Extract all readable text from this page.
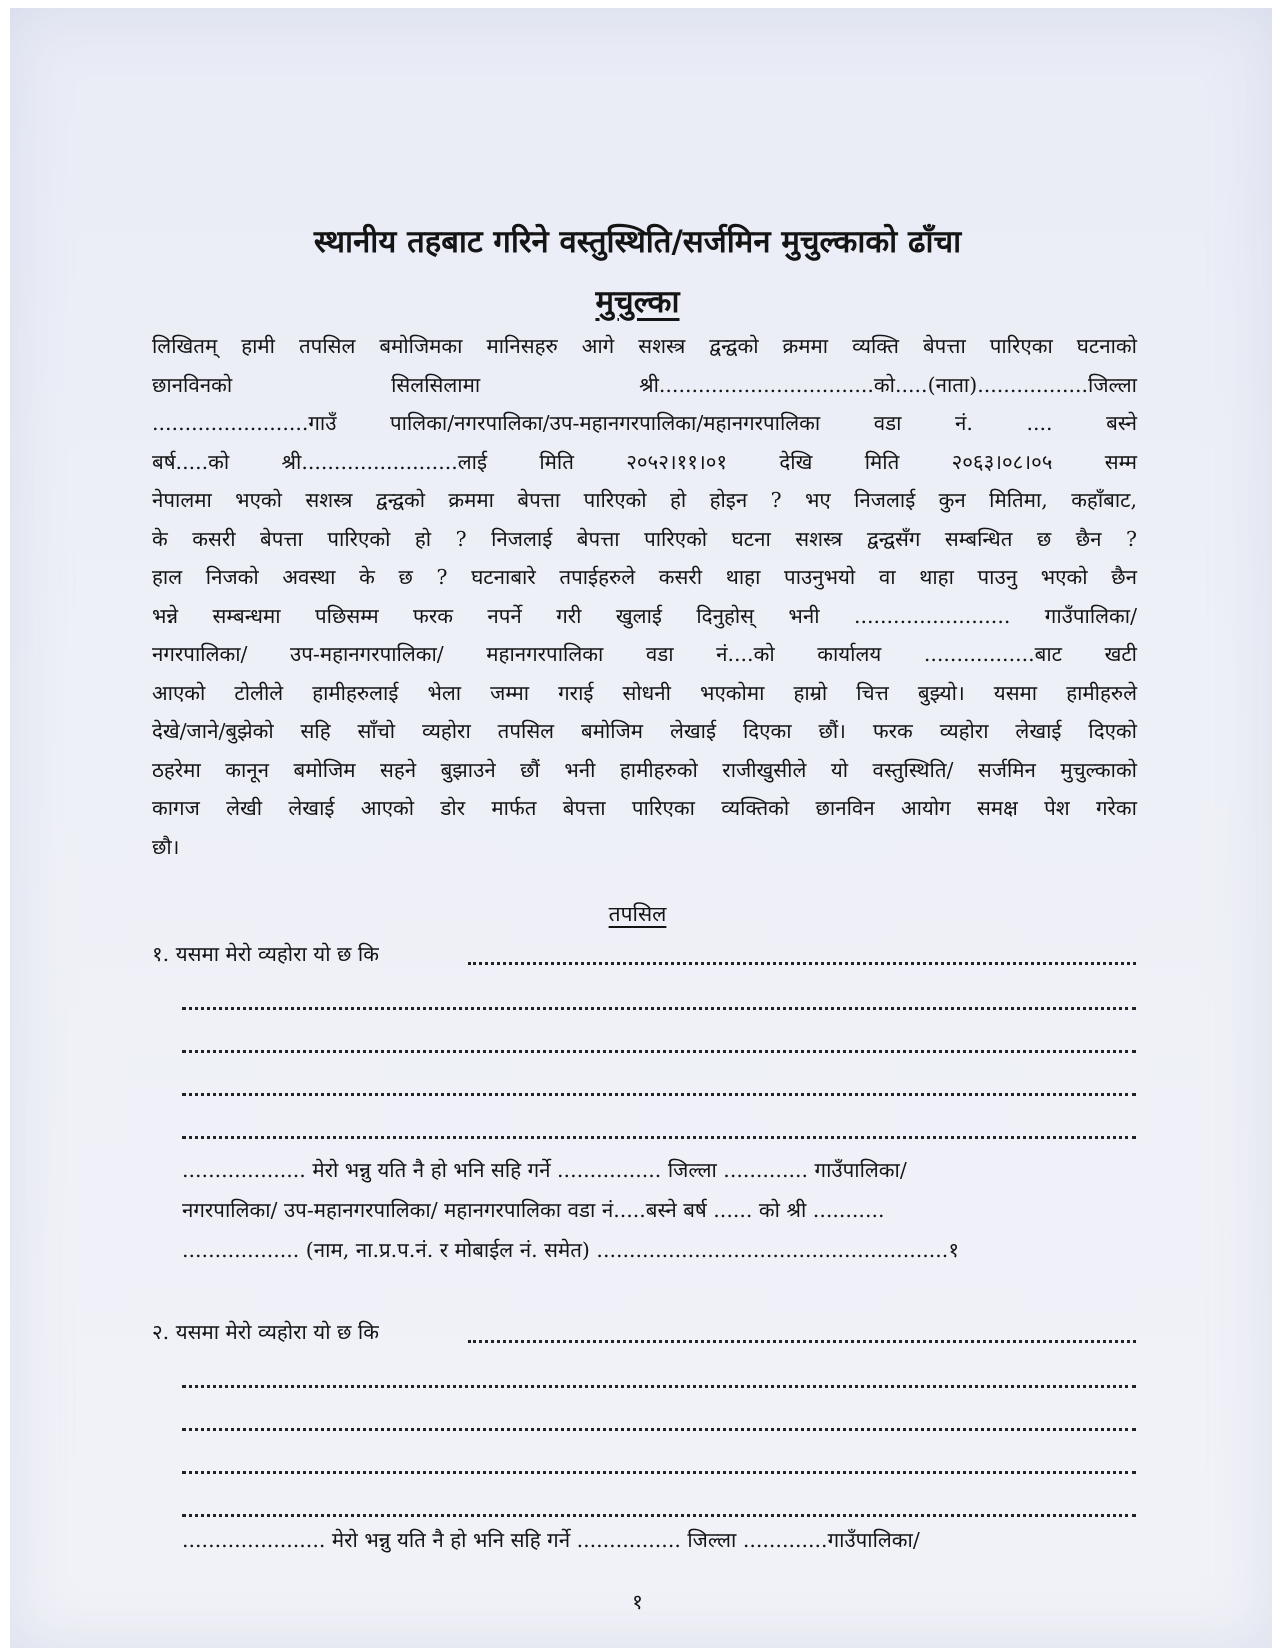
स्थानीय तहबाट गरिने वस्तुस्थिति/सर्जमिन मुचुल्काको ढाँचा
मुचुल्का
लिखितम् हामी तपसिल बमोजिमका मानिसहरु आगे सशस्त्र द्वन्द्वको क्रममा व्यक्ति बेपत्ता पारिएका घटनाको
छानविनको सिलसिलामा श्री.................................को.....(नाता).................जिल्ला
........................गाउँ पालिका/नगरपालिका/उप-महानगरपालिका/महानगरपालिका वडा नं. .... बस्ने
बर्ष.....को श्री........................लाई मिति २०५२।११।०१ देखि मिति २०६३।०८।०५ सम्म
नेपालमा भएको सशस्त्र द्वन्द्वको क्रममा बेपत्ता पारिएको हो होइन ? भए निजलाई कुन मितिमा, कहाँबाट,
के कसरी बेपत्ता पारिएको हो ? निजलाई बेपत्ता पारिएको घटना सशस्त्र द्वन्द्वसँग सम्बन्धित छ छैन ?
हाल निजको अवस्था के छ ? घटनाबारे तपाईहरुले कसरी थाहा पाउनुभयो वा थाहा पाउनु भएको छैन
भन्ने सम्बन्धमा पछिसम्म फरक नपर्ने गरी खुलाई दिनुहोस् भनी ........................ गाउँपालिका/
नगरपालिका/ उप-महानगरपालिका/ महानगरपालिका वडा नं....को कार्यालय .................बाट खटी
आएको टोलीले हामीहरुलाई भेला जम्मा गराई सोधनी भएकोमा हाम्रो चित्त बुझ्यो। यसमा हामीहरुले
देखे/जाने/बुझेको सहि साँचो व्यहोरा तपसिल बमोजिम लेखाई दिएका छौं। फरक व्यहोरा लेखाई दिएको
ठहरेमा कानून बमोजिम सहने बुझाउने छौं भनी हामीहरुको राजीखुसीले यो वस्तुस्थिति/ सर्जमिन मुचुल्काको
कागज लेखी लेखाई आएको डोर मार्फत बेपत्ता पारिएका व्यक्तिको छानविन आयोग समक्ष पेश गरेका
छौ।
तपसिल
१. यसमा मेरो व्यहोरा यो छ कि
................... मेरो भन्नु यति नै हो भनि सहि गर्ने ................ जिल्ला ............. गाउँपालिका/
नगरपालिका/ उप-महानगरपालिका/ महानगरपालिका वडा नं.....बस्ने बर्ष ...... को श्री ...........
.................. (नाम, ना.प्र.प.नं. र मोबाईल नं. समेत) ......................................................१
२. यसमा मेरो व्यहोरा यो छ कि
...................... मेरो भन्नु यति नै हो भनि सहि गर्ने ................ जिल्ला .............गाउँपालिका/
१
